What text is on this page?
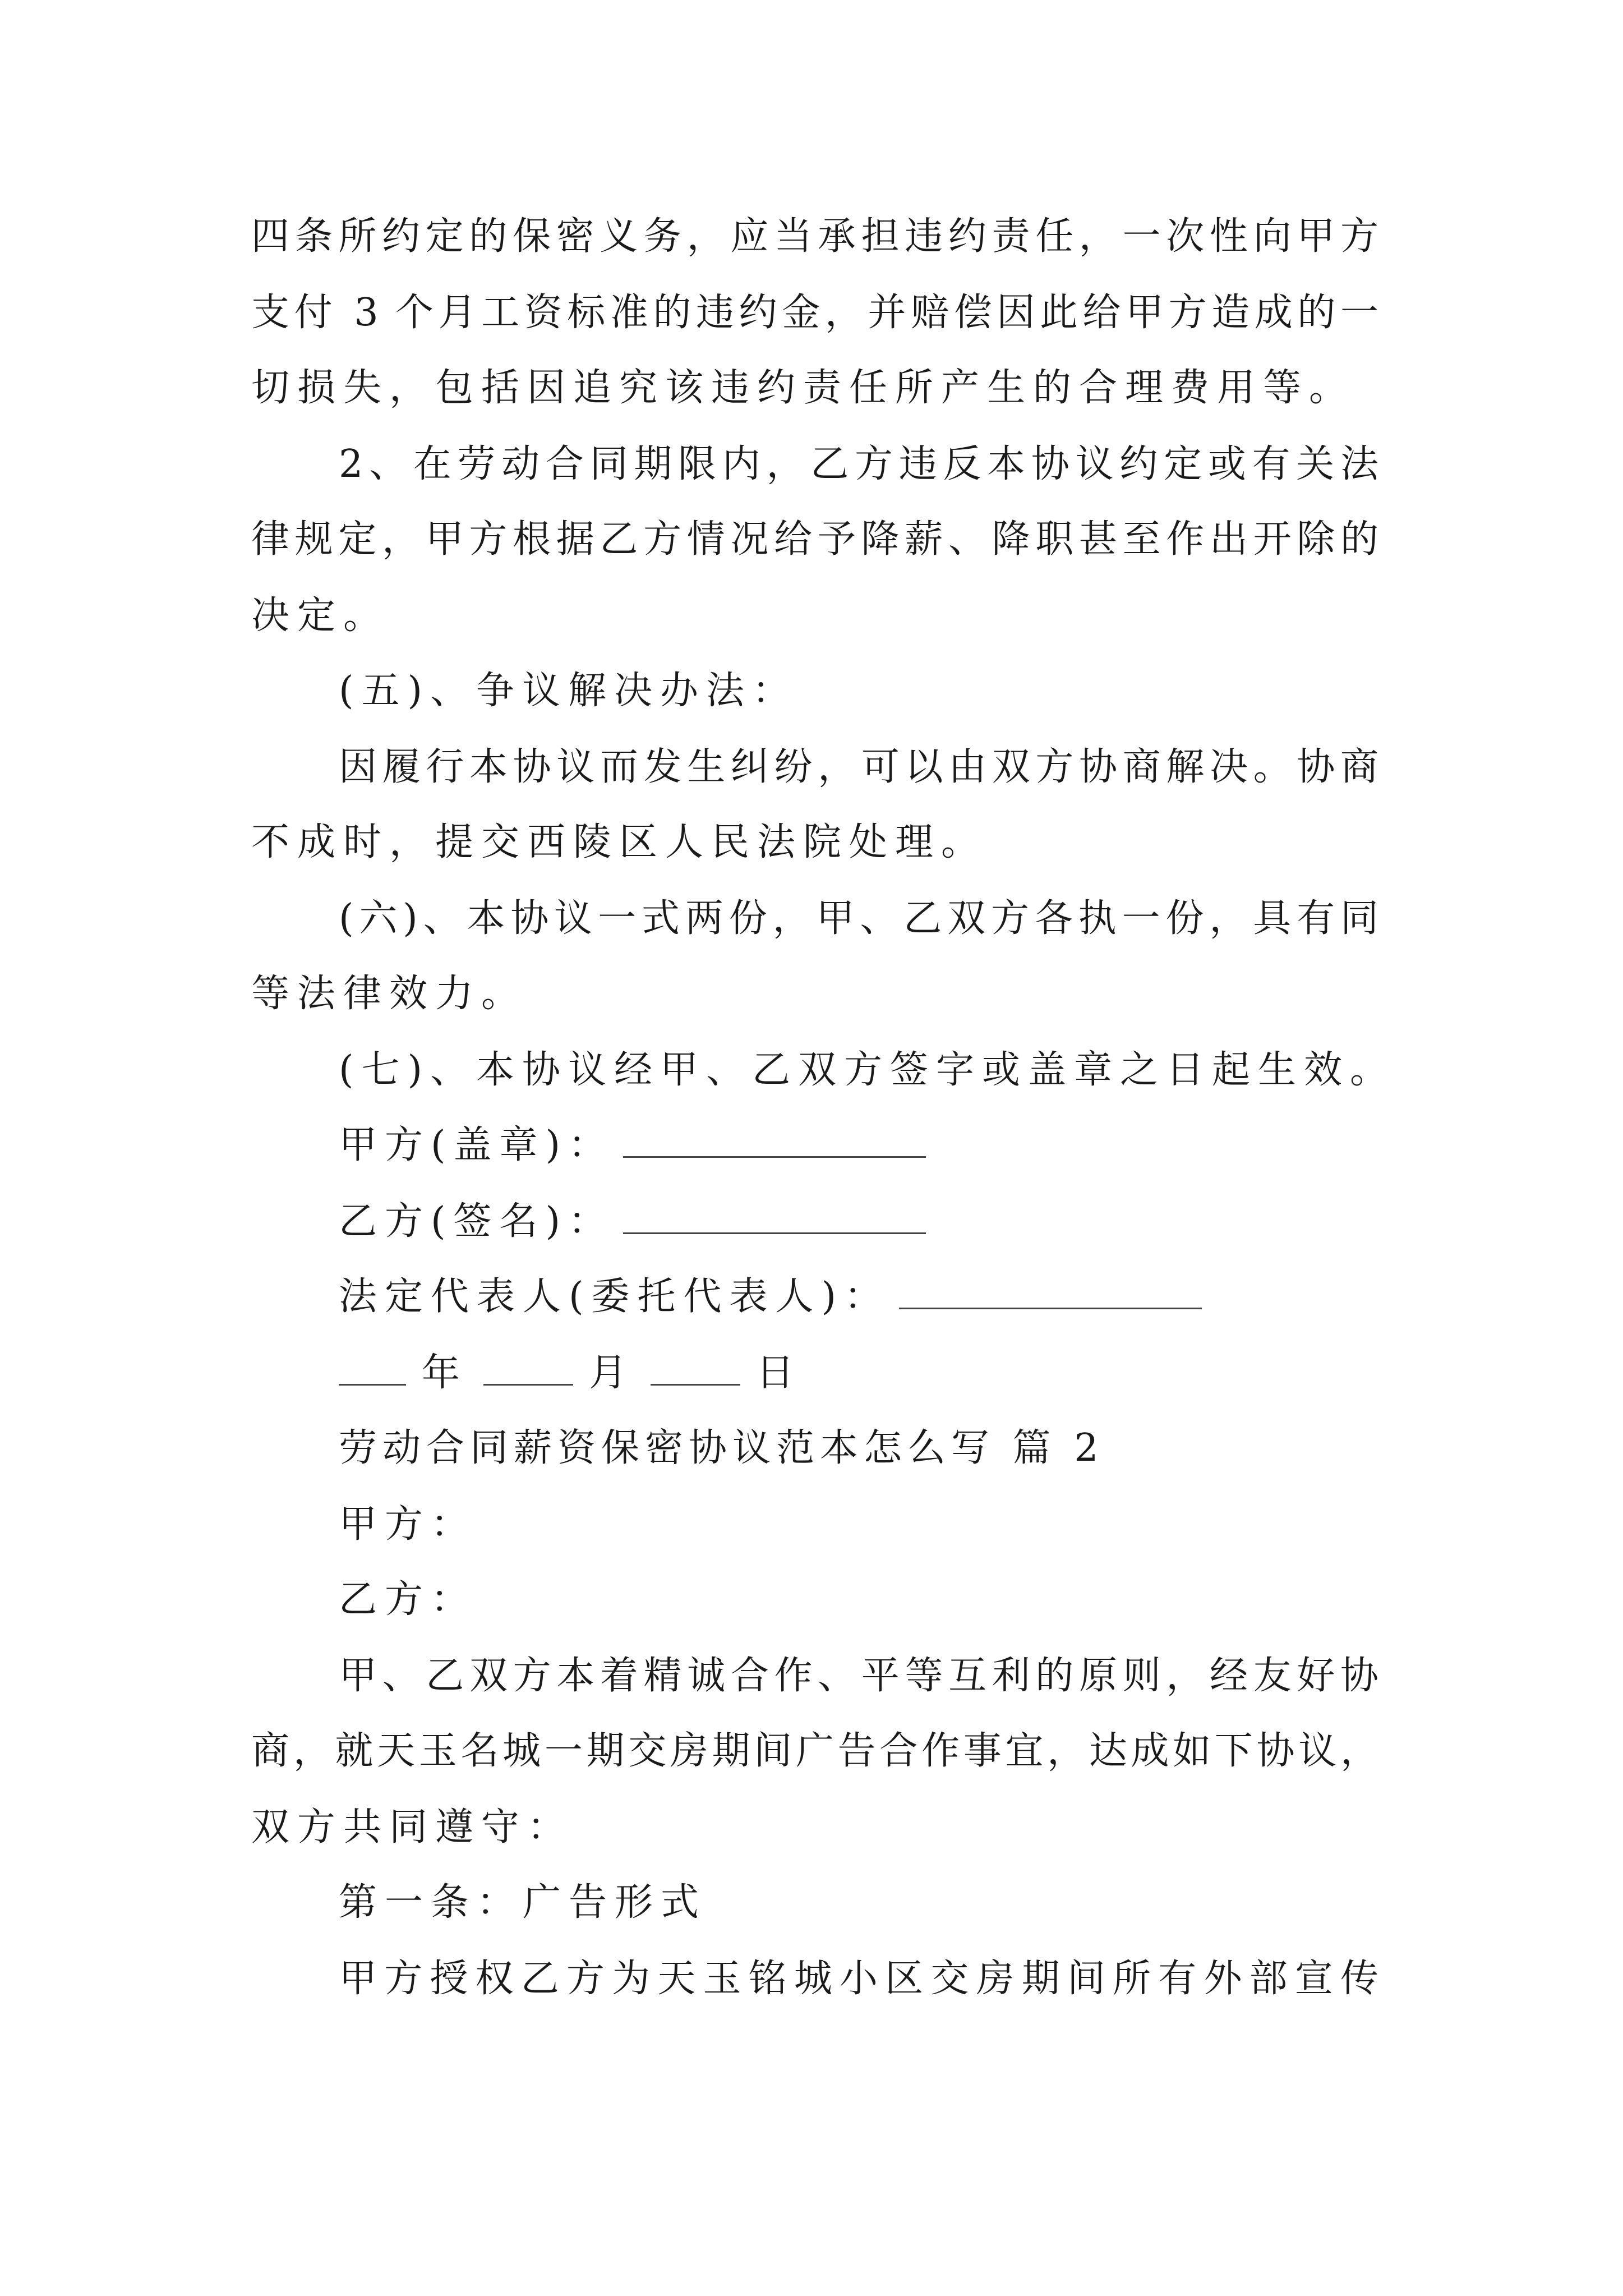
四条所约定的保密义务，应当承担违约责任，一次性向甲方
支付 3 个月工资标准的违约金，并赔偿因此给甲方造成的一
切损失，包括因追究该违约责任所产生的合理费用等。
2、在劳动合同期限内，乙方违反本协议约定或有关法
律规定，甲方根据乙方情况给予降薪、降职甚至作出开除的
决定。
(五)、争议解决办法：
因履行本协议而发生纠纷，可以由双方协商解决。协商
不成时，提交西陵区人民法院处理。
(六)、本协议一式两份，甲、乙双方各执一份，具有同
等法律效力。
(七)、本协议经甲、乙双方签字或盖章之日起生效。
甲方(盖章)：
乙方(签名)：
法定代表人(委托代表人)：
年	月	日
劳动合同薪资保密协议范本怎么写 篇 2
甲方：
乙方：
甲、乙双方本着精诚合作、平等互利的原则，经友好协
商，就天玉名城一期交房期间广告合作事宜，达成如下协议，
双方共同遵守：
第一条：广告形式
甲方授权乙方为天玉铭城小区交房期间所有外部宣传
